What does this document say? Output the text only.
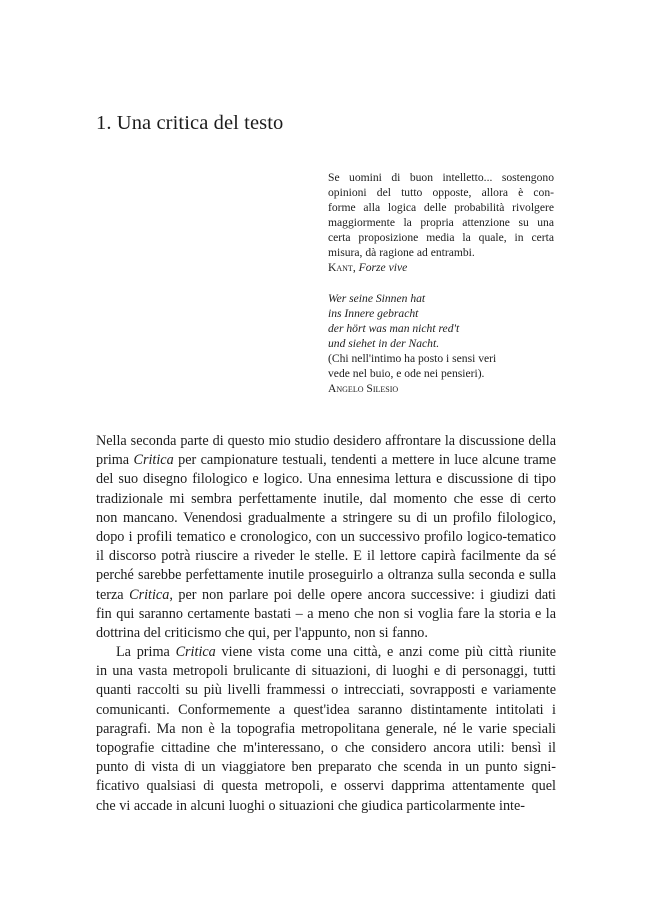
1. Una critica del testo
Se uomini di buon intelletto... sostengono
opinioni del tutto opposte, allora è con-
forme alla logica delle probabilità rivolgere
maggiormente la propria attenzione su una
certa proposizione media la quale, in certa
misura, dà ragione ad entrambi.
Kant, Forze vive
Wer seine Sinnen hat
ins Innere gebracht
der hört was man nicht red't
und siehet in der Nacht.
(Chi nell'intimo ha posto i sensi veri
vede nel buio, e ode nei pensieri).
Angelo Silesio
Nella seconda parte di questo mio studio desidero affrontare la discussione della
prima Critica per campionature testuali, tendenti a mettere in luce alcune trame
del suo disegno filologico e logico. Una ennesima lettura e discussione di tipo
tradizionale mi sembra perfettamente inutile, dal momento che esse di certo
non mancano. Venendosi gradualmente a stringere su di un profilo filologico,
dopo i profili tematico e cronologico, con un successivo profilo logico-tematico
il discorso potrà riuscire a riveder le stelle. E il lettore capirà facilmente da sé
perché sarebbe perfettamente inutile proseguirlo a oltranza sulla seconda e sulla
terza Critica, per non parlare poi delle opere ancora successive: i giudizi dati
fin qui saranno certamente bastati – a meno che non si voglia fare la storia e la
dottrina del criticismo che qui, per l'appunto, non si fanno.
La prima Critica viene vista come una città, e anzi come più città riunite
in una vasta metropoli brulicante di situazioni, di luoghi e di personaggi, tutti
quanti raccolti su più livelli frammessi o intrecciati, sovrapposti e variamente
comunicanti. Conformemente a quest'idea saranno distintamente intitolati i
paragrafi. Ma non è la topografia metropolitana generale, né le varie speciali
topografie cittadine che m'interessano, o che considero ancora utili: bensì il
punto di vista di un viaggiatore ben preparato che scenda in un punto signi-
ficativo qualsiasi di questa metropoli, e osservi dapprima attentamente quel
che vi accade in alcuni luoghi o situazioni che giudica particolarmente inte-
